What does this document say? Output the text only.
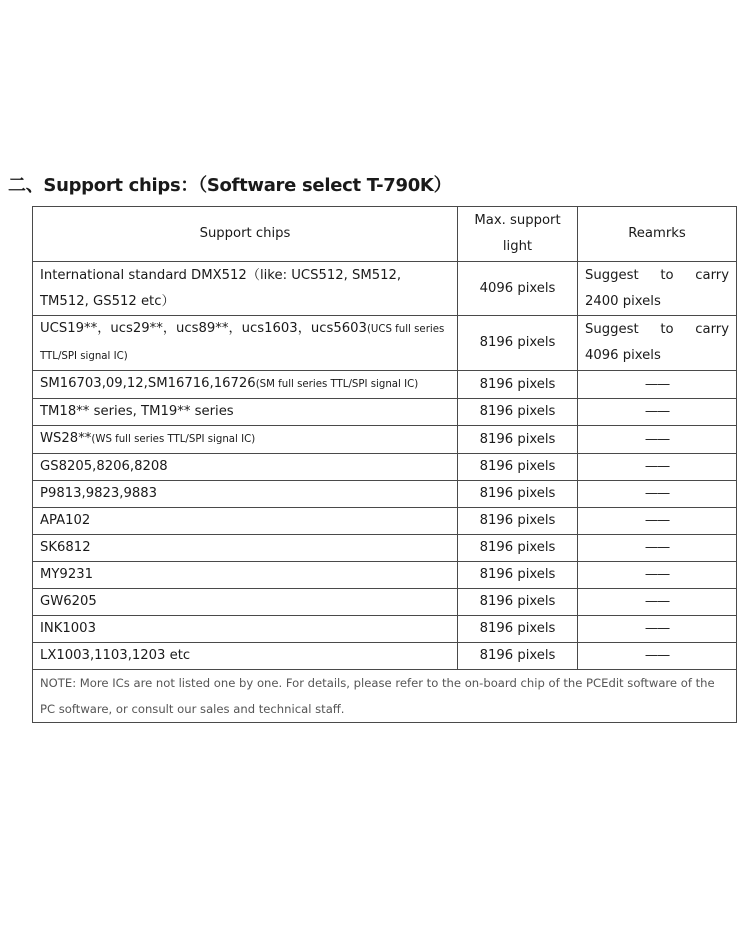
二、Support chips：（Software select T-790K）
Support chips	Max. support light	Reamrks
International standard DMX512（like: UCS512, SM512, TM512, GS512 etc）	4096 pixels	Suggest to carry 2400 pixels
UCS19**，ucs29**，ucs89**，ucs1603，ucs5603(UCS full series TTL/SPI signal IC)	8196 pixels	Suggest to carry 4096 pixels
SM16703,09,12,SM16716,16726(SM full series TTL/SPI signal IC)	8196 pixels	——
TM18** series, TM19** series	8196 pixels	——
WS28**(WS full series TTL/SPI signal IC)	8196 pixels	——
GS8205,8206,8208	8196 pixels	——
P9813,9823,9883	8196 pixels	——
APA102	8196 pixels	——
SK6812	8196 pixels	——
MY9231	8196 pixels	——
GW6205	8196 pixels	——
INK1003	8196 pixels	——
LX1003,1103,1203 etc	8196 pixels	——
NOTE: More ICs are not listed one by one. For details, please refer to the on-board chip of the PCEdit software of the PC software, or consult our sales and technical staff.		
